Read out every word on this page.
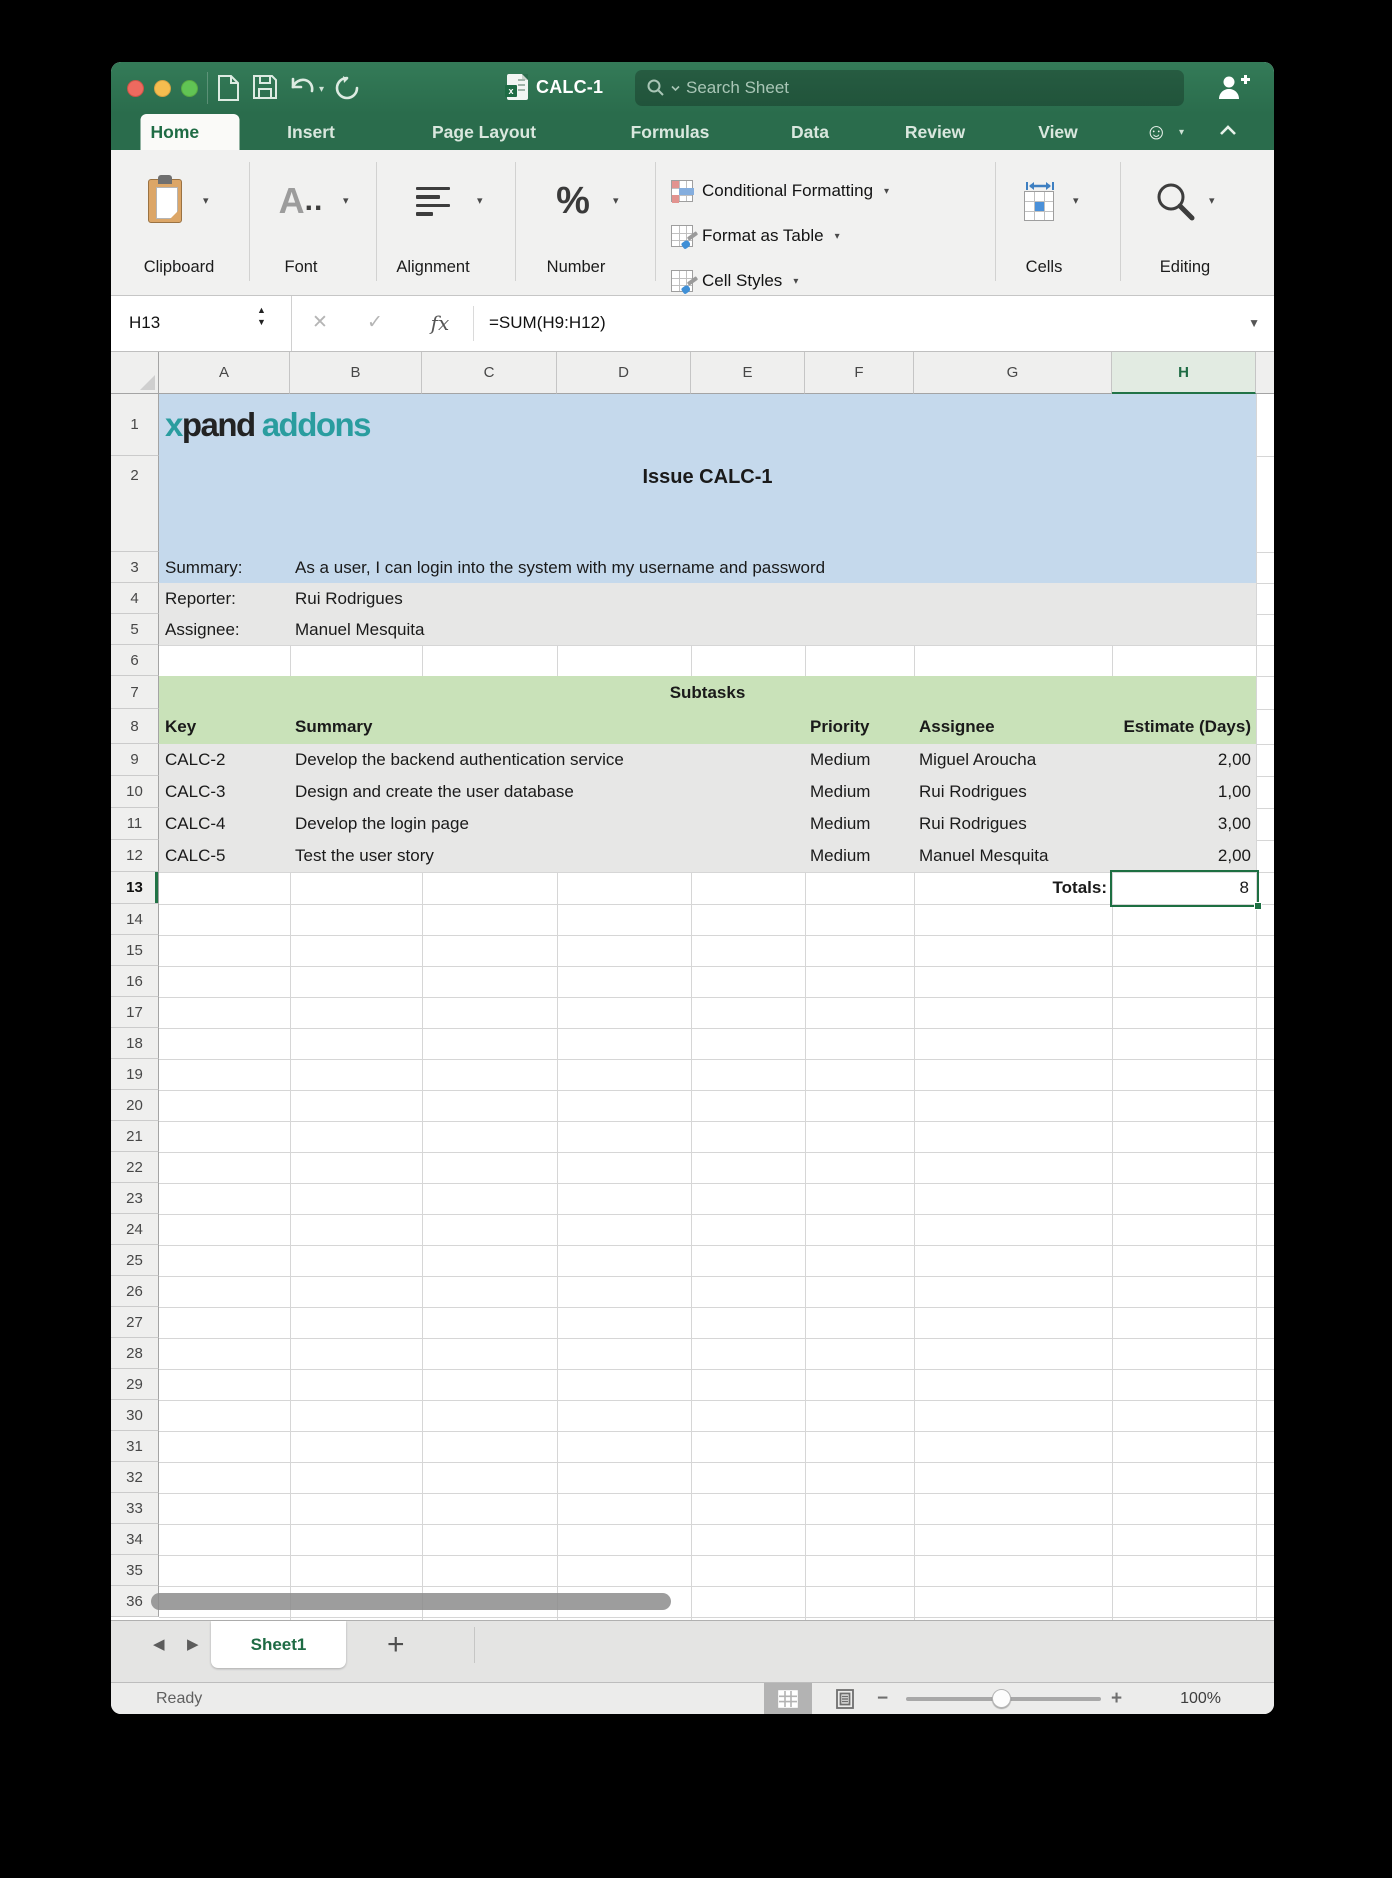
▾	x CALC-1	Search Sheet
Home	Insert	Page Layout	Formulas	Data	Review	View	☺ ▾
▾
Clipboard
A .. ▾
Font
▾
Alignment
% ▾
Number
Conditional Formatting ▾
Format as Table ▾
Cell Styles ▾
▾
Cells
▾
Editing
H13
▲
▼	✕	✓	fx	=SUM(H9:H12)	▼
A	B	C	D	E	F	G	H
1
2
3
4
5
6
7
8
9
10
11
12
13
14
15
16
17
18
19
20
21
22
23
24
25
26
27
28
29
30
31
32
33
34
35
36
xpand addons
Issue CALC-1
Summary:	As a user, I can login into the system with my username and password
Reporter:	Rui Rodrigues
Assignee:	Manuel Mesquita
Subtasks
Key	Summary	Priority	Assignee	Estimate (Days)
CALC-2	Develop the backend authentication service	Medium	Miguel Aroucha	2,00
CALC-3	Design and create the user database	Medium	Rui Rodrigues	1,00
CALC-4	Develop the login page	Medium	Rui Rodrigues	3,00
CALC-5	Test the user story	Medium	Manuel Mesquita	2,00
Totals:	8
◀ ▶	Sheet1	+
Ready	−	+	100%
